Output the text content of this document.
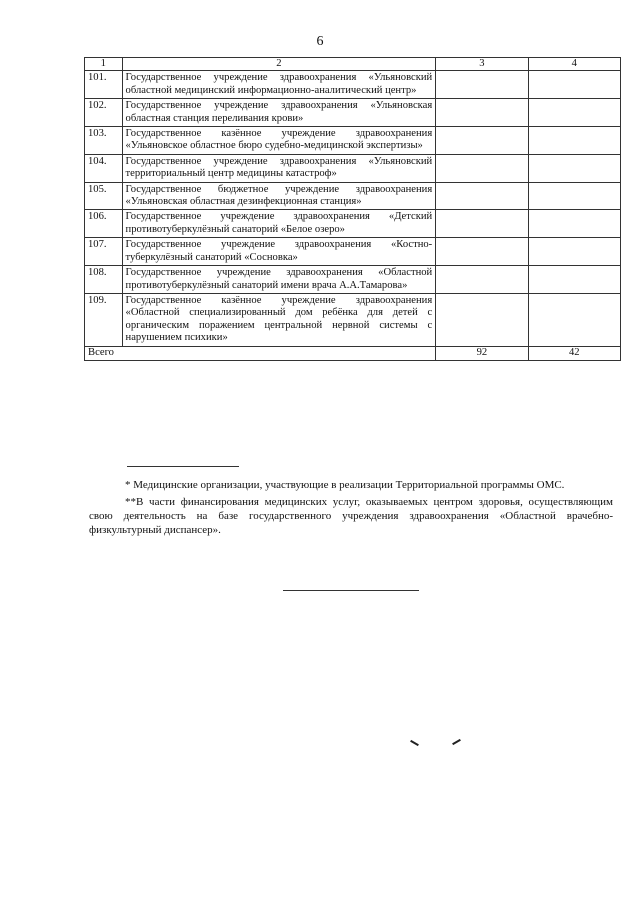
6
1	2	3	4
101.	Государственное учреждение здравоохранения «Ульяновский областной медицинский информационно-аналитический центр»		
102.	Государственное учреждение здравоохранения «Ульяновская областная станция переливания крови»		
103.	Государственное казённое учреждение здравоохранения «Ульяновское областное бюро судебно-медицинской экспертизы»		
104.	Государственное учреждение здравоохранения «Ульяновский территориальный центр медицины катастроф»		
105.	Государственное бюджетное учреждение здравоохранения «Ульяновская областная дезинфекционная станция»		
106.	Государственное учреждение здравоохранения «Детский противотуберкулёзный санаторий «Белое озеро»		
107.	Государственное учреждение здравоохранения «Костно-туберкулёзный санаторий «Сосновка»		
108.	Государственное учреждение здравоохранения «Областной противотуберкулёзный санаторий имени врача А.А.Тамарова»		
109.	Государственное казённое учреждение здравоохранения «Областной специализированный дом ребёнка для детей с органическим поражением центральной нервной системы с нарушением психики»		
Всего		92	42

* Медицинские организации, участвующие в реализации Территориальной программы ОМС.

**В части финансирования медицинских услуг, оказываемых центром здоровья, осуществляющим свою деятельность на базе государственного учреждения здравоохранения «Областной врачебно-физкультурный диспансер».
